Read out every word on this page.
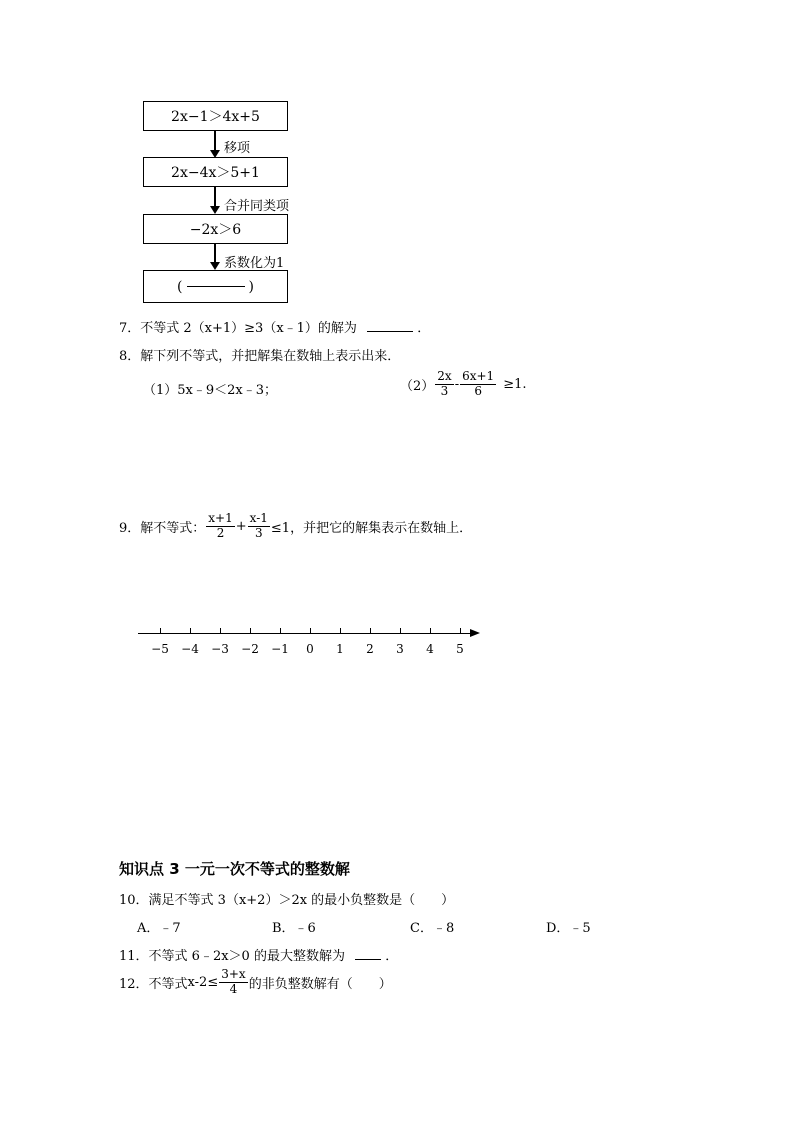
2x−1＞4x+5
移项
2x−4x＞5+1
合并同类项
−2x＞6
系数化为1
(	)
7．不等式 2（x+1）≥3（x﹣1）的解为	．
8．解下列不等式，并把解集在数轴上表示出来．
（1）5x﹣9＜2x﹣3；	$(2) \frac{2x}{3} - \frac{6x+1}{6} \ge 1$.
9．解不等式： $\frac{x+1}{2} + \frac{x-1}{3} \le 1$，并把它的解集表示在数轴上．
−5 −4 −3 −2 −1	0	1	2	3	4	5
知识点 3 一元一次不等式的整数解
10．满足不等式 3（x+2）＞2x 的最小负整数是（　　）
A．﹣7	B．﹣6	C．﹣8	D．﹣5
11．不等式 6﹣2x＞0 的最大整数解为	．
12．不等式 $x-2\le \frac{3+x}{4}$ 的非负整数解有（　　）
